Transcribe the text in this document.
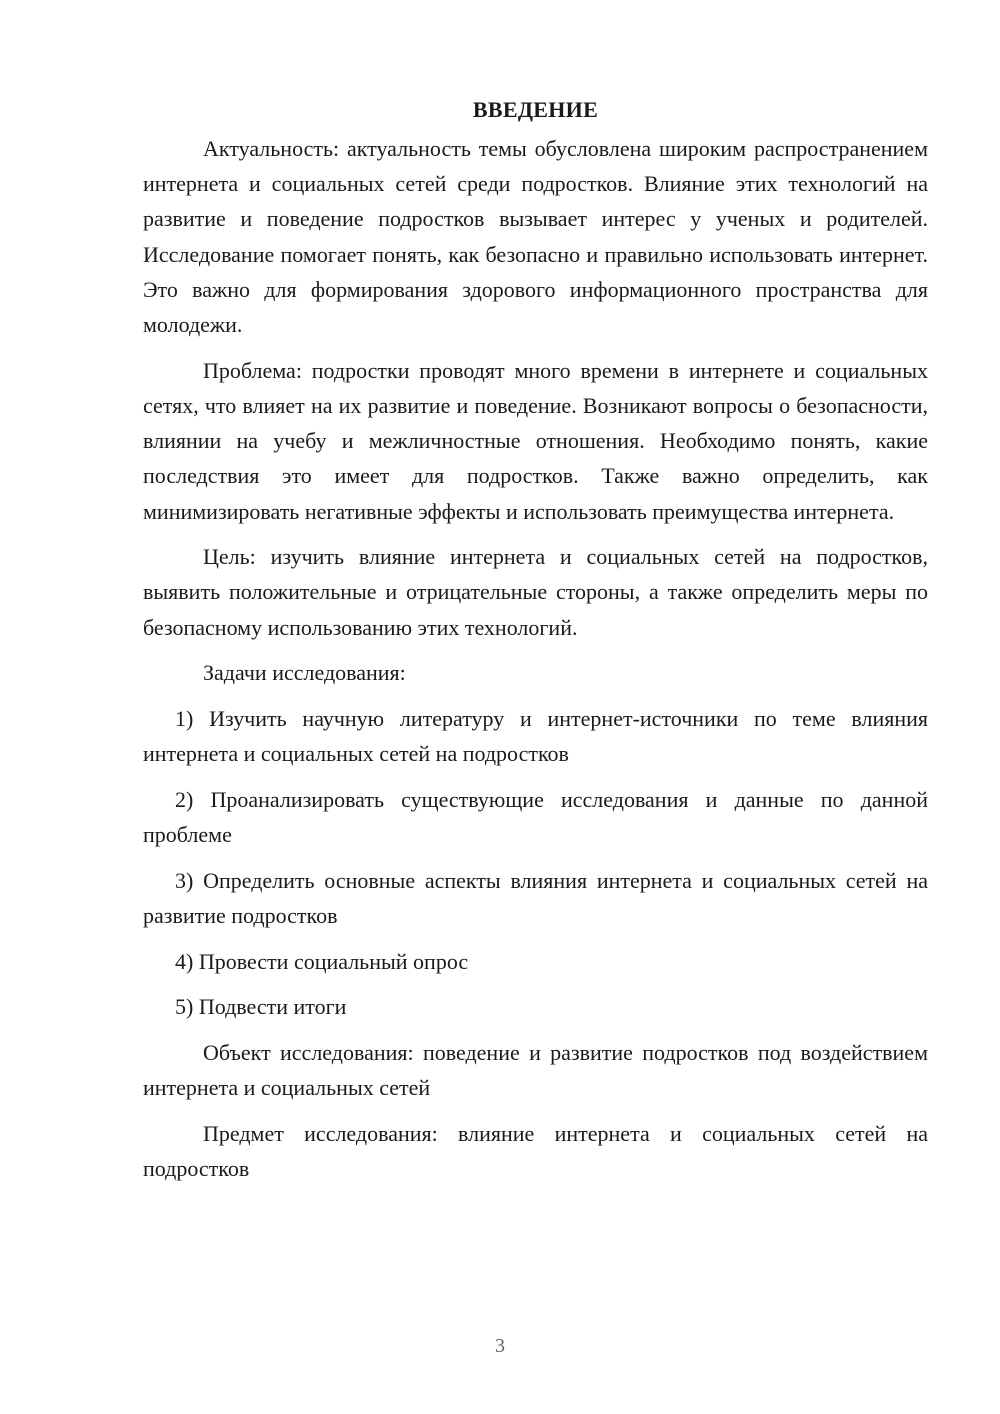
ВВЕДЕНИЕ

Актуальность: актуальность темы обусловлена широким распространением интернета и социальных сетей среди подростков. Влияние этих технологий на развитие и поведение подростков вызывает интерес у ученых и родителей. Исследование помогает понять, как безопасно и правильно использовать интернет. Это важно для формирования здорового информационного пространства для молодежи.

Проблема: подростки проводят много времени в интернете и социальных сетях, что влияет на их развитие и поведение. Возникают вопросы о безопасности, влиянии на учебу и межличностные отношения. Необходимо понять, какие последствия это имеет для подростков. Также важно определить, как минимизировать негативные эффекты и использовать преимущества интернета.

Цель: изучить влияние интернета и социальных сетей на подростков, выявить положительные и отрицательные стороны, а также определить меры по безопасному использованию этих технологий.

Задачи исследования:

1) Изучить научную литературу и интернет-источники по теме влияния интернета и социальных сетей на подростков

2) Проанализировать существующие исследования и данные по данной проблеме

3) Определить основные аспекты влияния интернета и социальных сетей на развитие подростков

4) Провести социальный опрос

5) Подвести итоги

Объект исследования: поведение и развитие подростков под воздействием интернета и социальных сетей

Предмет исследования: влияние интернета и социальных сетей на подростков

3
